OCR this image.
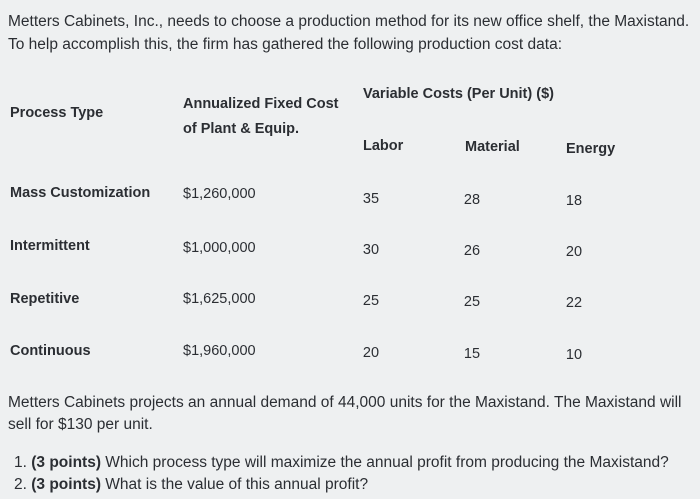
Metters Cabinets, Inc., needs to choose a production method for its new office shelf, the Maxistand. To help accomplish this, the firm has gathered the following production cost data:
Process Type
Annualized Fixed Cost
of Plant & Equip.
Variable Costs (Per Unit) ($)
Labor	Material	Energy
Mass Customization $1,260,000	35	28	18
Intermittent	$1,000,000	30	26	20
Repetitive	$1,625,000	25	25	22
Continuous	$1,960,000	20	15	10
Metters Cabinets projects an annual demand of 44,000 units for the Maxistand. The Maxistand will sell for $130 per unit.
1. (3 points) Which process type will maximize the annual profit from producing the Maxistand?
2. (3 points) What is the value of this annual profit?
